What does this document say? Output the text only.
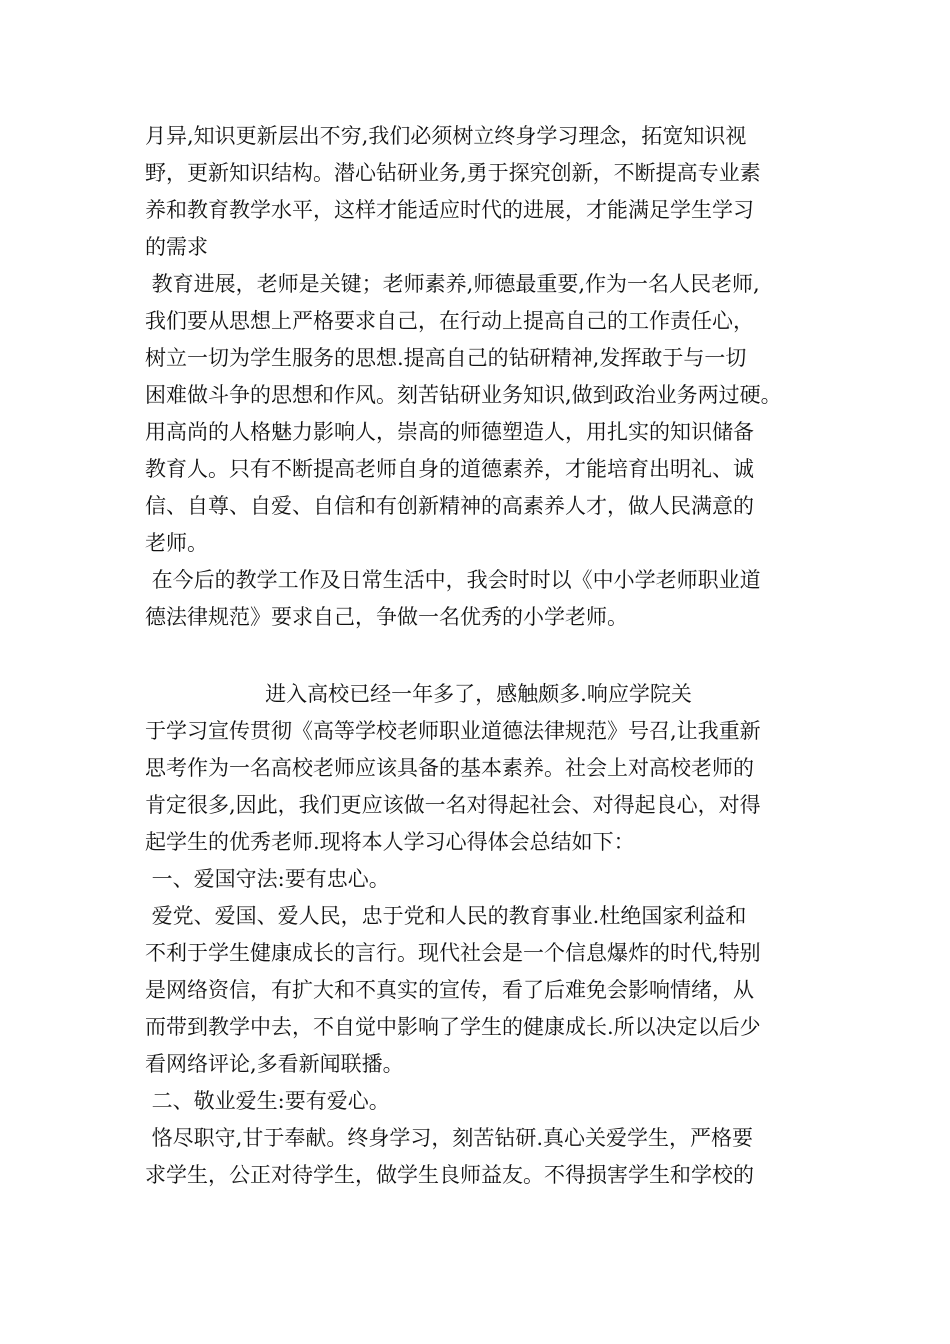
月异,知识更新层出不穷,我们必须树立终身学习理念，拓宽知识视
野，更新知识结构。潜心钻研业务,勇于探究创新，不断提高专业素
养和教育教学水平，这样才能适应时代的进展，才能满足学生学习
的需求
教育进展，老师是关键；老师素养,师德最重要,作为一名人民老师,
我们要从思想上严格要求自己，在行动上提高自己的工作责任心，
树立一切为学生服务的思想.提高自己的钻研精神,发挥敢于与一切
困难做斗争的思想和作风。刻苦钻研业务知识,做到政治业务两过硬。
用高尚的人格魅力影响人，崇高的师德塑造人，用扎实的知识储备
教育人。只有不断提高老师自身的道德素养，才能培育出明礼、诚
信、自尊、自爱、自信和有创新精神的高素养人才，做人民满意的
老师。
在今后的教学工作及日常生活中，我会时时以《中小学老师职业道
德法律规范》要求自己，争做一名优秀的小学老师。
进入高校已经一年多了，感触颇多.响应学院关
于学习宣传贯彻《高等学校老师职业道德法律规范》号召,让我重新
思考作为一名高校老师应该具备的基本素养。社会上对高校老师的
肯定很多,因此，我们更应该做一名对得起社会、对得起良心，对得
起学生的优秀老师.现将本人学习心得体会总结如下：
一、爱国守法:要有忠心。
爱党、爱国、爱人民，忠于党和人民的教育事业.杜绝国家利益和
不利于学生健康成长的言行。现代社会是一个信息爆炸的时代,特别
是网络资信，有扩大和不真实的宣传，看了后难免会影响情绪，从
而带到教学中去，不自觉中影响了学生的健康成长.所以决定以后少
看网络评论,多看新闻联播。
二、敬业爱生:要有爱心。
恪尽职守,甘于奉献。终身学习，刻苦钻研.真心关爱学生，严格要
求学生，公正对待学生，做学生良师益友。不得损害学生和学校的
